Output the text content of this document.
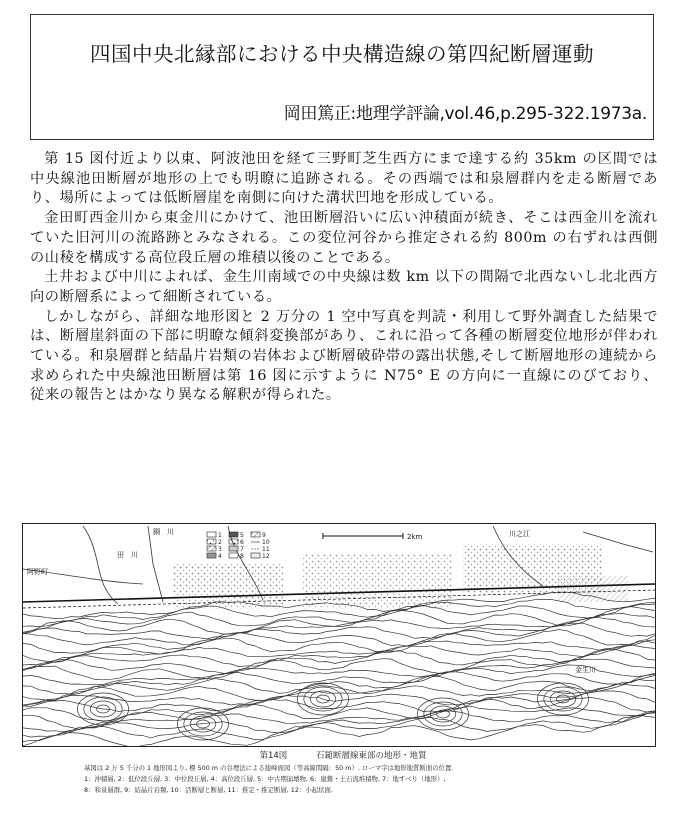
四国中央北縁部における中央構造線の第四紀断層運動
岡田篤正:地理学評論,vol.46,p.295-322.1973a.

第 15 図付近より以東、阿波池田を経て三野町芝生西方にまで達する約 35km の区間では中央線池田断層が地形の上でも明瞭に追跡される。その西端では和泉層群内を走る断層であり、場所によっては低断層崖を南側に向けた溝状凹地を形成している。

金田町西金川から東金川にかけて、池田断層沿いに広い沖積面が続き、そこは西金川を流れていた旧河川の流路跡とみなされる。この変位河谷から推定される約 800m の右ずれは西側の山稜を構成する高位段丘層の堆積以後のことである。

土井および中川によれば、金生川南域での中央線は数 km 以下の間隔で北西ないし北北西方向の断層系によって細断されている。

しかしながら、詳細な地形図と 2 万分の 1 空中写真を判読・利用して野外調査した結果では、断層崖斜面の下部に明瞭な傾斜変換部があり、これに沿って各種の断層変位地形が伴われている。和泉層群と結晶片岩類の岩体および断層破砕帯の露出状態,そして断層地形の連続から求められた中央線池田断層は第 16 図に示すように N75° E の方向に一直線にのびており、従来の報告とはかなり異なる解釈が得られた。

1
2
3
4
5
6
7
8
9
10
11
12
2km
銅　川
阿野町
田　川
川之江
金生川
第14図	石鎚断層線東部の地形・地質
基図は 2 万 5 千分の 1 地形図より, 標 500 m の谷埋法による接峰面図（等高線間隔：50 m）. ローマ字は地形地質断面の位置.
1：沖積層, 2：低位段丘層, 3：中位段丘層, 4：高位段丘層, 5：中古期崩壊物, 6：崖錐・土石流堆積物, 7：地すべり（地形）,
8：和泉層群, 9：結晶片岩類, 10：活断層と断層, 11：推定・推定断層, 12：小起状面.
